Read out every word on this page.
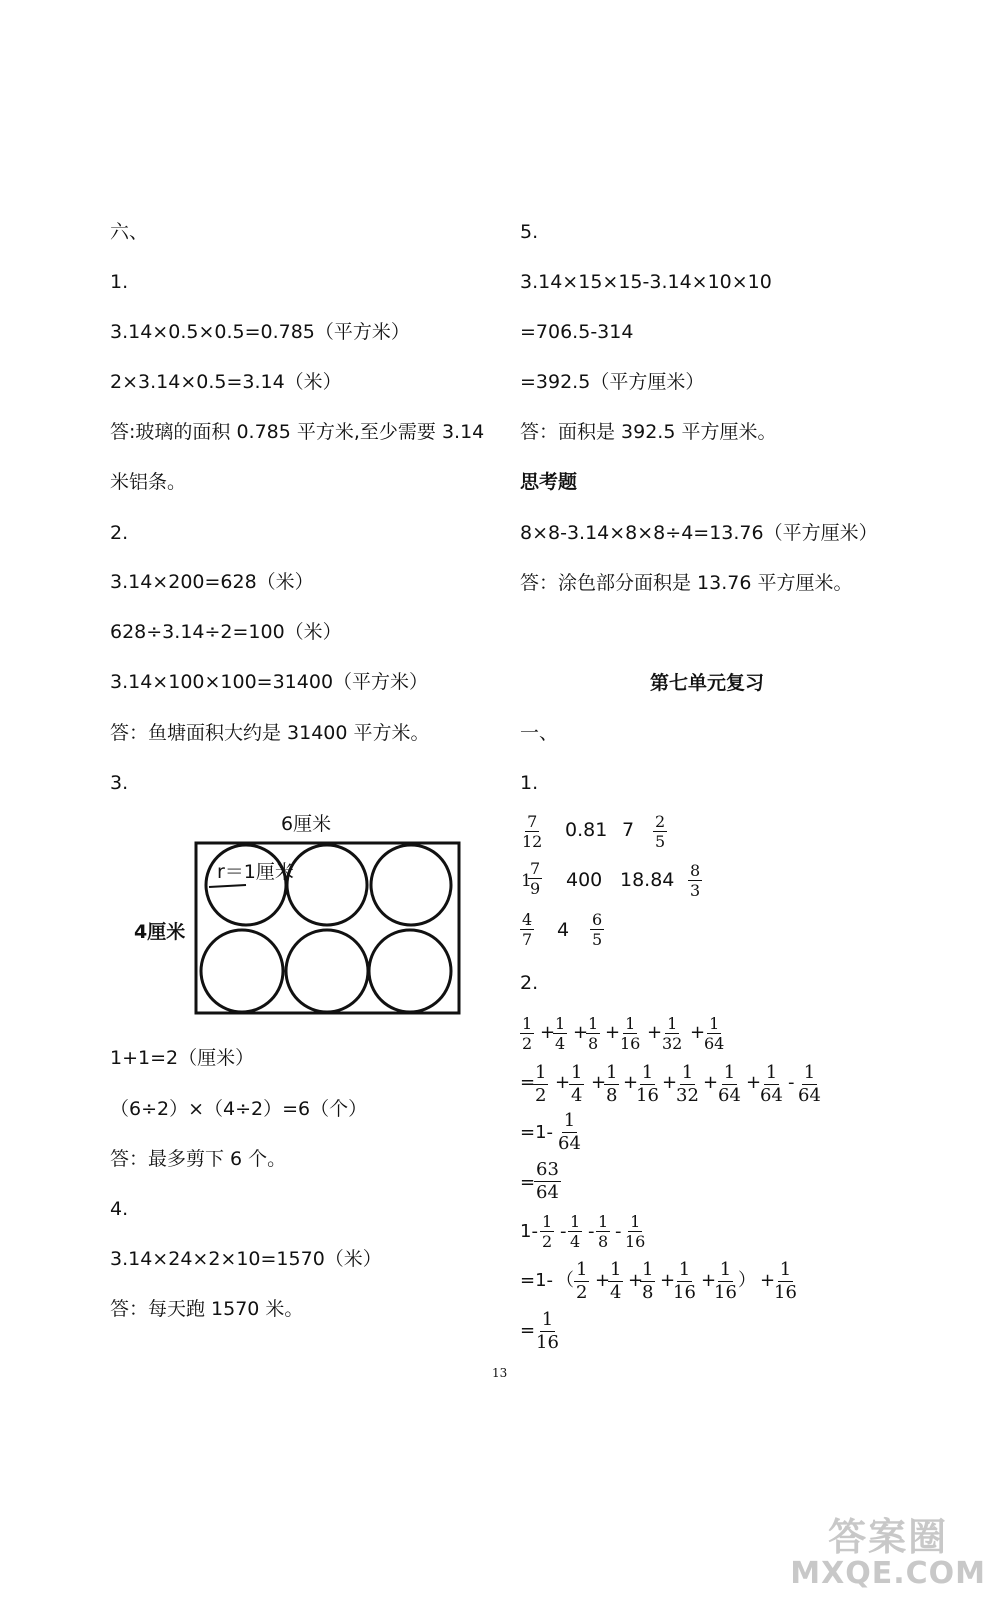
六、
1.
3.14×0.5×0.5=0.785（平方米）
2×3.14×0.5=3.14（米）
答:玻璃的面积 0.785 平方米,至少需要 3.14
米铝条。
2.
3.14×200=628（米）
628÷3.14÷2=100（米）
3.14×100×100=31400（平方米）
答：鱼塘面积大约是 31400 平方米。
3.
6厘米
4厘米
r＝1厘米
1+1=2（厘米）
（6÷2）×（4÷2）=6（个）
答：最多剪下 6 个。
4.
3.14×24×2×10=1570（米）
答：每天跑 1570 米。
5.
3.14×15×15-3.14×10×10
=706.5-314
=392.5（平方厘米）
答：面积是 392.5 平方厘米。
思考题
8×8-3.14×8×8÷4=13.76（平方厘米）
答：涂色部分面积是 13.76 平方厘米。
第七单元复习
一、
1.
$\frac{7}{12} 0.81$ $7 \frac{2}{5}$
1
$\frac{7}{9} 400$ $18.84 \frac{8}{3}$
$\frac{4}{7} 4 \frac{6}{5}$
2.
$\frac{1}{2}$ +
$\frac{1}{4}$ +
$\frac{1}{8}$ +
$\frac{1}{16}$ +
$\frac{1}{32}$ +
$\frac{1}{64}$
=
$\frac{1}{2}$ +
$\frac{1}{4}$ +
$\frac{1}{8}$ +
$\frac{1}{16}$ +
$\frac{1}{32}$ +
$\frac{1}{64}$ +
$\frac{1}{64} - \frac{1}{64}$
$=1- \frac{1}{64}$
=
$\frac{63}{64}$
$1- \frac{1}{2} - \frac{1}{4} - \frac{1}{8} - \frac{1}{16}$
=1- （ $\frac{1}{2}$ +
$\frac{1}{4}$ +
$\frac{1}{8}$ +
$\frac{1}{16}$ +
$\frac{1}{16}$ ） +
$\frac{1}{16}$
=
$\frac{1}{16}$
13
答案圈
MXQE.COM
